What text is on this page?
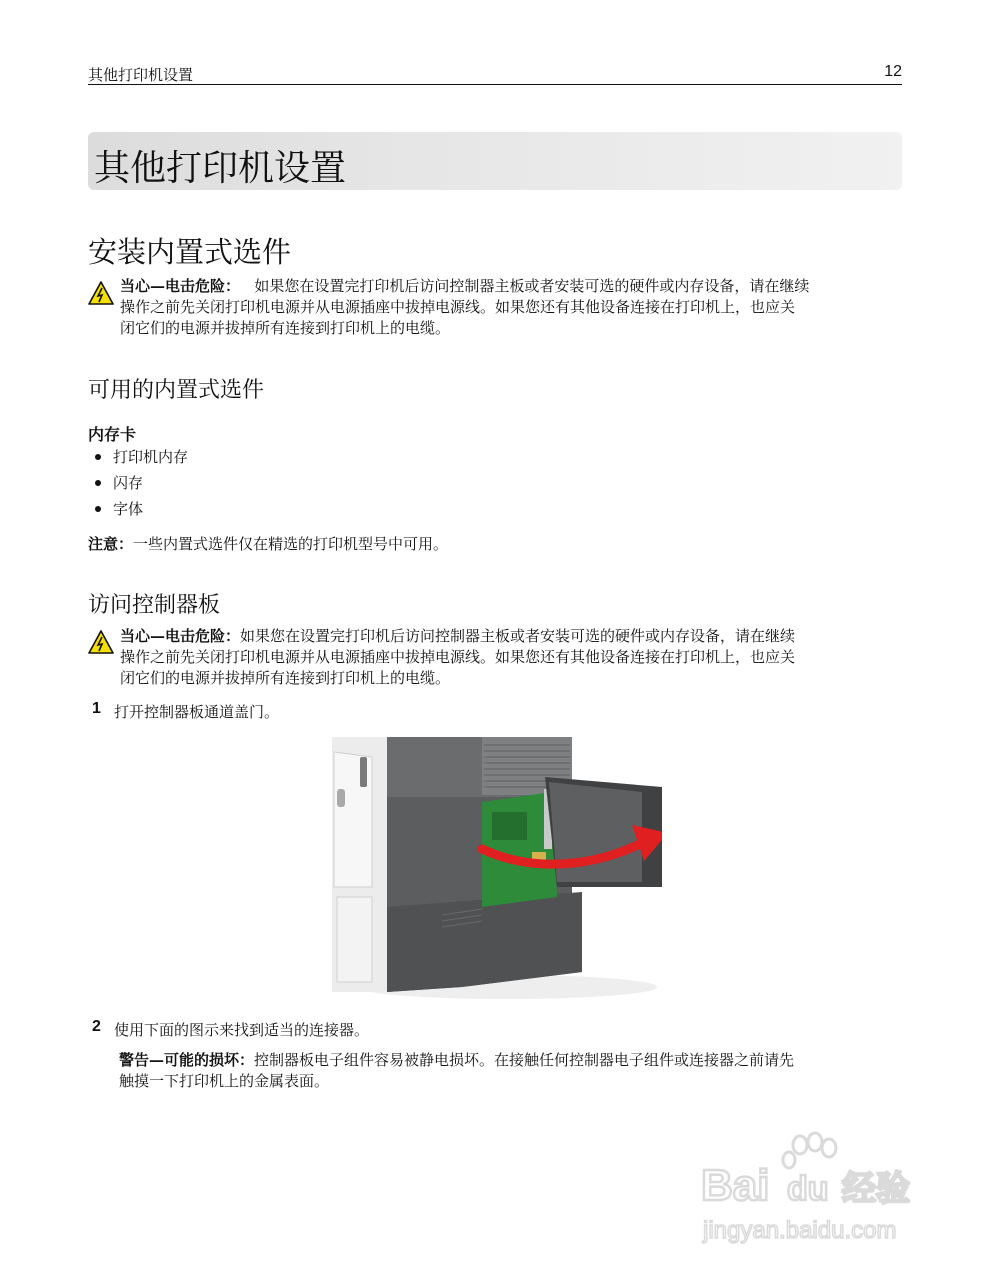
其他打印机设置	12
其他打印机设置
安装内置式选件
当心—电击危险： 如果您在设置完打印机后访问控制器主板或者安装可选的硬件或内存设备，请在继续
操作之前先关闭打印机电源并从电源插座中拔掉电源线。如果您还有其他设备连接在打印机上，也应关
闭它们的电源并拔掉所有连接到打印机上的电缆。
可用的内置式选件
内存卡
打印机内存
闪存
字体
注意：一些内置式选件仅在精选的打印机型号中可用。
访问控制器板
当心—电击危险：如果您在设置完打印机后访问控制器主板或者安装可选的硬件或内存设备，请在继续
操作之前先关闭打印机电源并从电源插座中拔掉电源线。如果您还有其他设备连接在打印机上，也应关
闭它们的电源并拔掉所有连接到打印机上的电缆。
1 打开控制器板通道盖门。
2 使用下面的图示来找到适当的连接器。
警告—可能的损坏：控制器板电子组件容易被静电损坏。在接触任何控制器电子组件或连接器之前请先
触摸一下打印机上的金属表面。
Bai du 经验
jingyan.baidu.com
